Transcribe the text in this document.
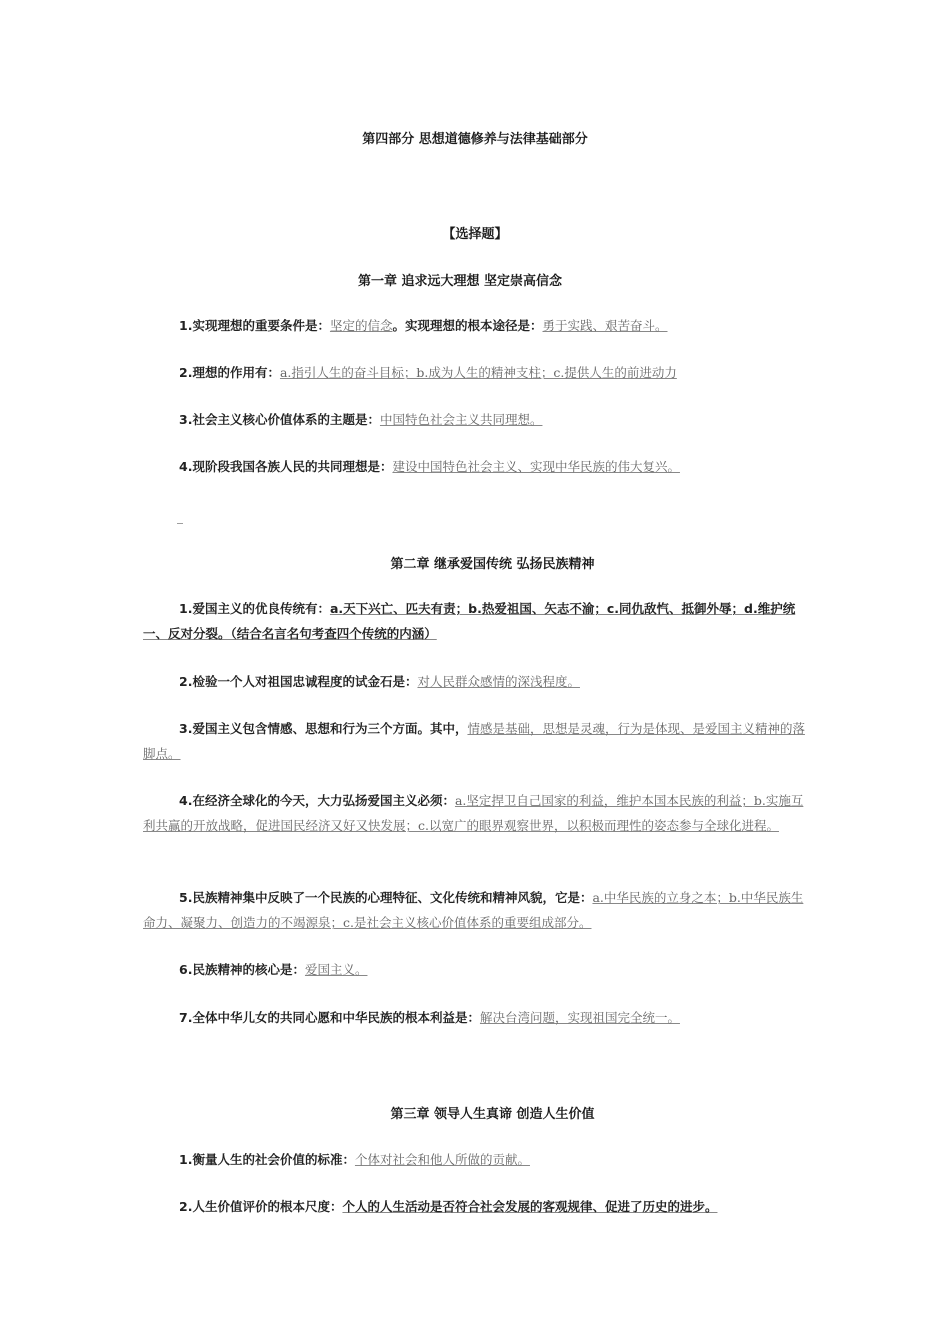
第四部分 思想道德修养与法律基础部分
【选择题】
第一章 追求远大理想 坚定崇高信念
1.实现理想的重要条件是：坚定的信念。实现理想的根本途径是：勇于实践、艰苦奋斗。
2.理想的作用有：a.指引人生的奋斗目标；b.成为人生的精神支柱；c.提供人生的前进动力
3.社会主义核心价值体系的主题是：中国特色社会主义共同理想。
4.现阶段我国各族人民的共同理想是：建设中国特色社会主义、实现中华民族的伟大复兴。
_
第二章 继承爱国传统 弘扬民族精神
1.爱国主义的优良传统有：a.天下兴亡、匹夫有责；b.热爱祖国、矢志不渝；c.同仇敌忾、抵御外辱；d.维护统一、反对分裂。（结合名言名句考查四个传统的内涵）
2.检验一个人对祖国忠诚程度的试金石是：对人民群众感情的深浅程度。
3.爱国主义包含情感、思想和行为三个方面。其中，情感是基础，思想是灵魂，行为是体现、是爱国主义精神的落脚点。
4.在经济全球化的今天，大力弘扬爱国主义必须：a.坚定捍卫自己国家的利益，维护本国本民族的利益；b.实施互利共赢的开放战略，促进国民经济又好又快发展；c.以宽广的眼界观察世界，以积极而理性的姿态参与全球化进程。
5.民族精神集中反映了一个民族的心理特征、文化传统和精神风貌，它是：a.中华民族的立身之本；b.中华民族生命力、凝聚力、创造力的不竭源泉；c.是社会主义核心价值体系的重要组成部分。
6.民族精神的核心是：爱国主义。
7.全体中华儿女的共同心愿和中华民族的根本利益是：解决台湾问题，实现祖国完全统一。
第三章 领导人生真谛 创造人生价值
1.衡量人生的社会价值的标准：个体对社会和他人所做的贡献。
2.人生价值评价的根本尺度：个人的人生活动是否符合社会发展的客观规律、促进了历史的进步。
